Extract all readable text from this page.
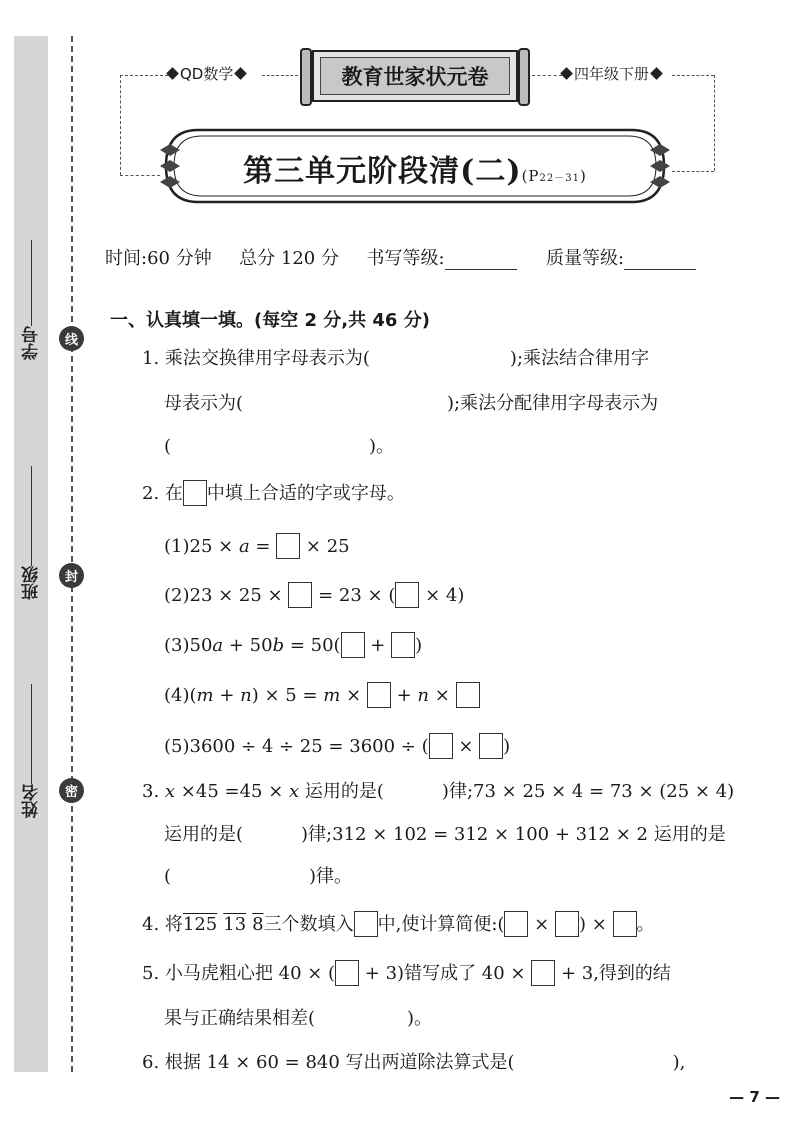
学号
班级
姓名
线
封
密
QD数学	教育世家状元卷	四年级下册
第三单元阶段清(二)(P22－31)
时间:60 分钟 总分 120 分 书写等级:	质量等级:
一、认真填一填。(每空 2 分,共 46 分)
1. 乘法交换律用字母表示为(	);乘法结合律用字
母表示为(	);乘法分配律用字母表示为
(	)。
2. 在 中填上合适的字或字母。
(1)25 × a =  × 25
(2)23 × 25 ×  = 23 × ( × 4)
(3)50a + 50b = 50( + )
(4)(m + n) × 5 = m ×  + n ×
(5)3600 ÷ 4 ÷ 25 = 3600 ÷ ( × )
3. x ×45 =45 × x 运用的是(	)律;73 × 25 × 4 = 73 × (25 × 4)
运用的是(	)律;312 × 102 = 312 × 100 + 312 × 2 运用的是
(	)律。
4. 将125 13 8三个数填入 中,使计算简便:( × ) × 。
5. 小马虎粗心把 40 × ( + 3)错写成了 40 ×  + 3,得到的结
果与正确结果相差(	)。
6. 根据 14 × 60 = 840 写出两道除法算式是(	),
— 7 —
